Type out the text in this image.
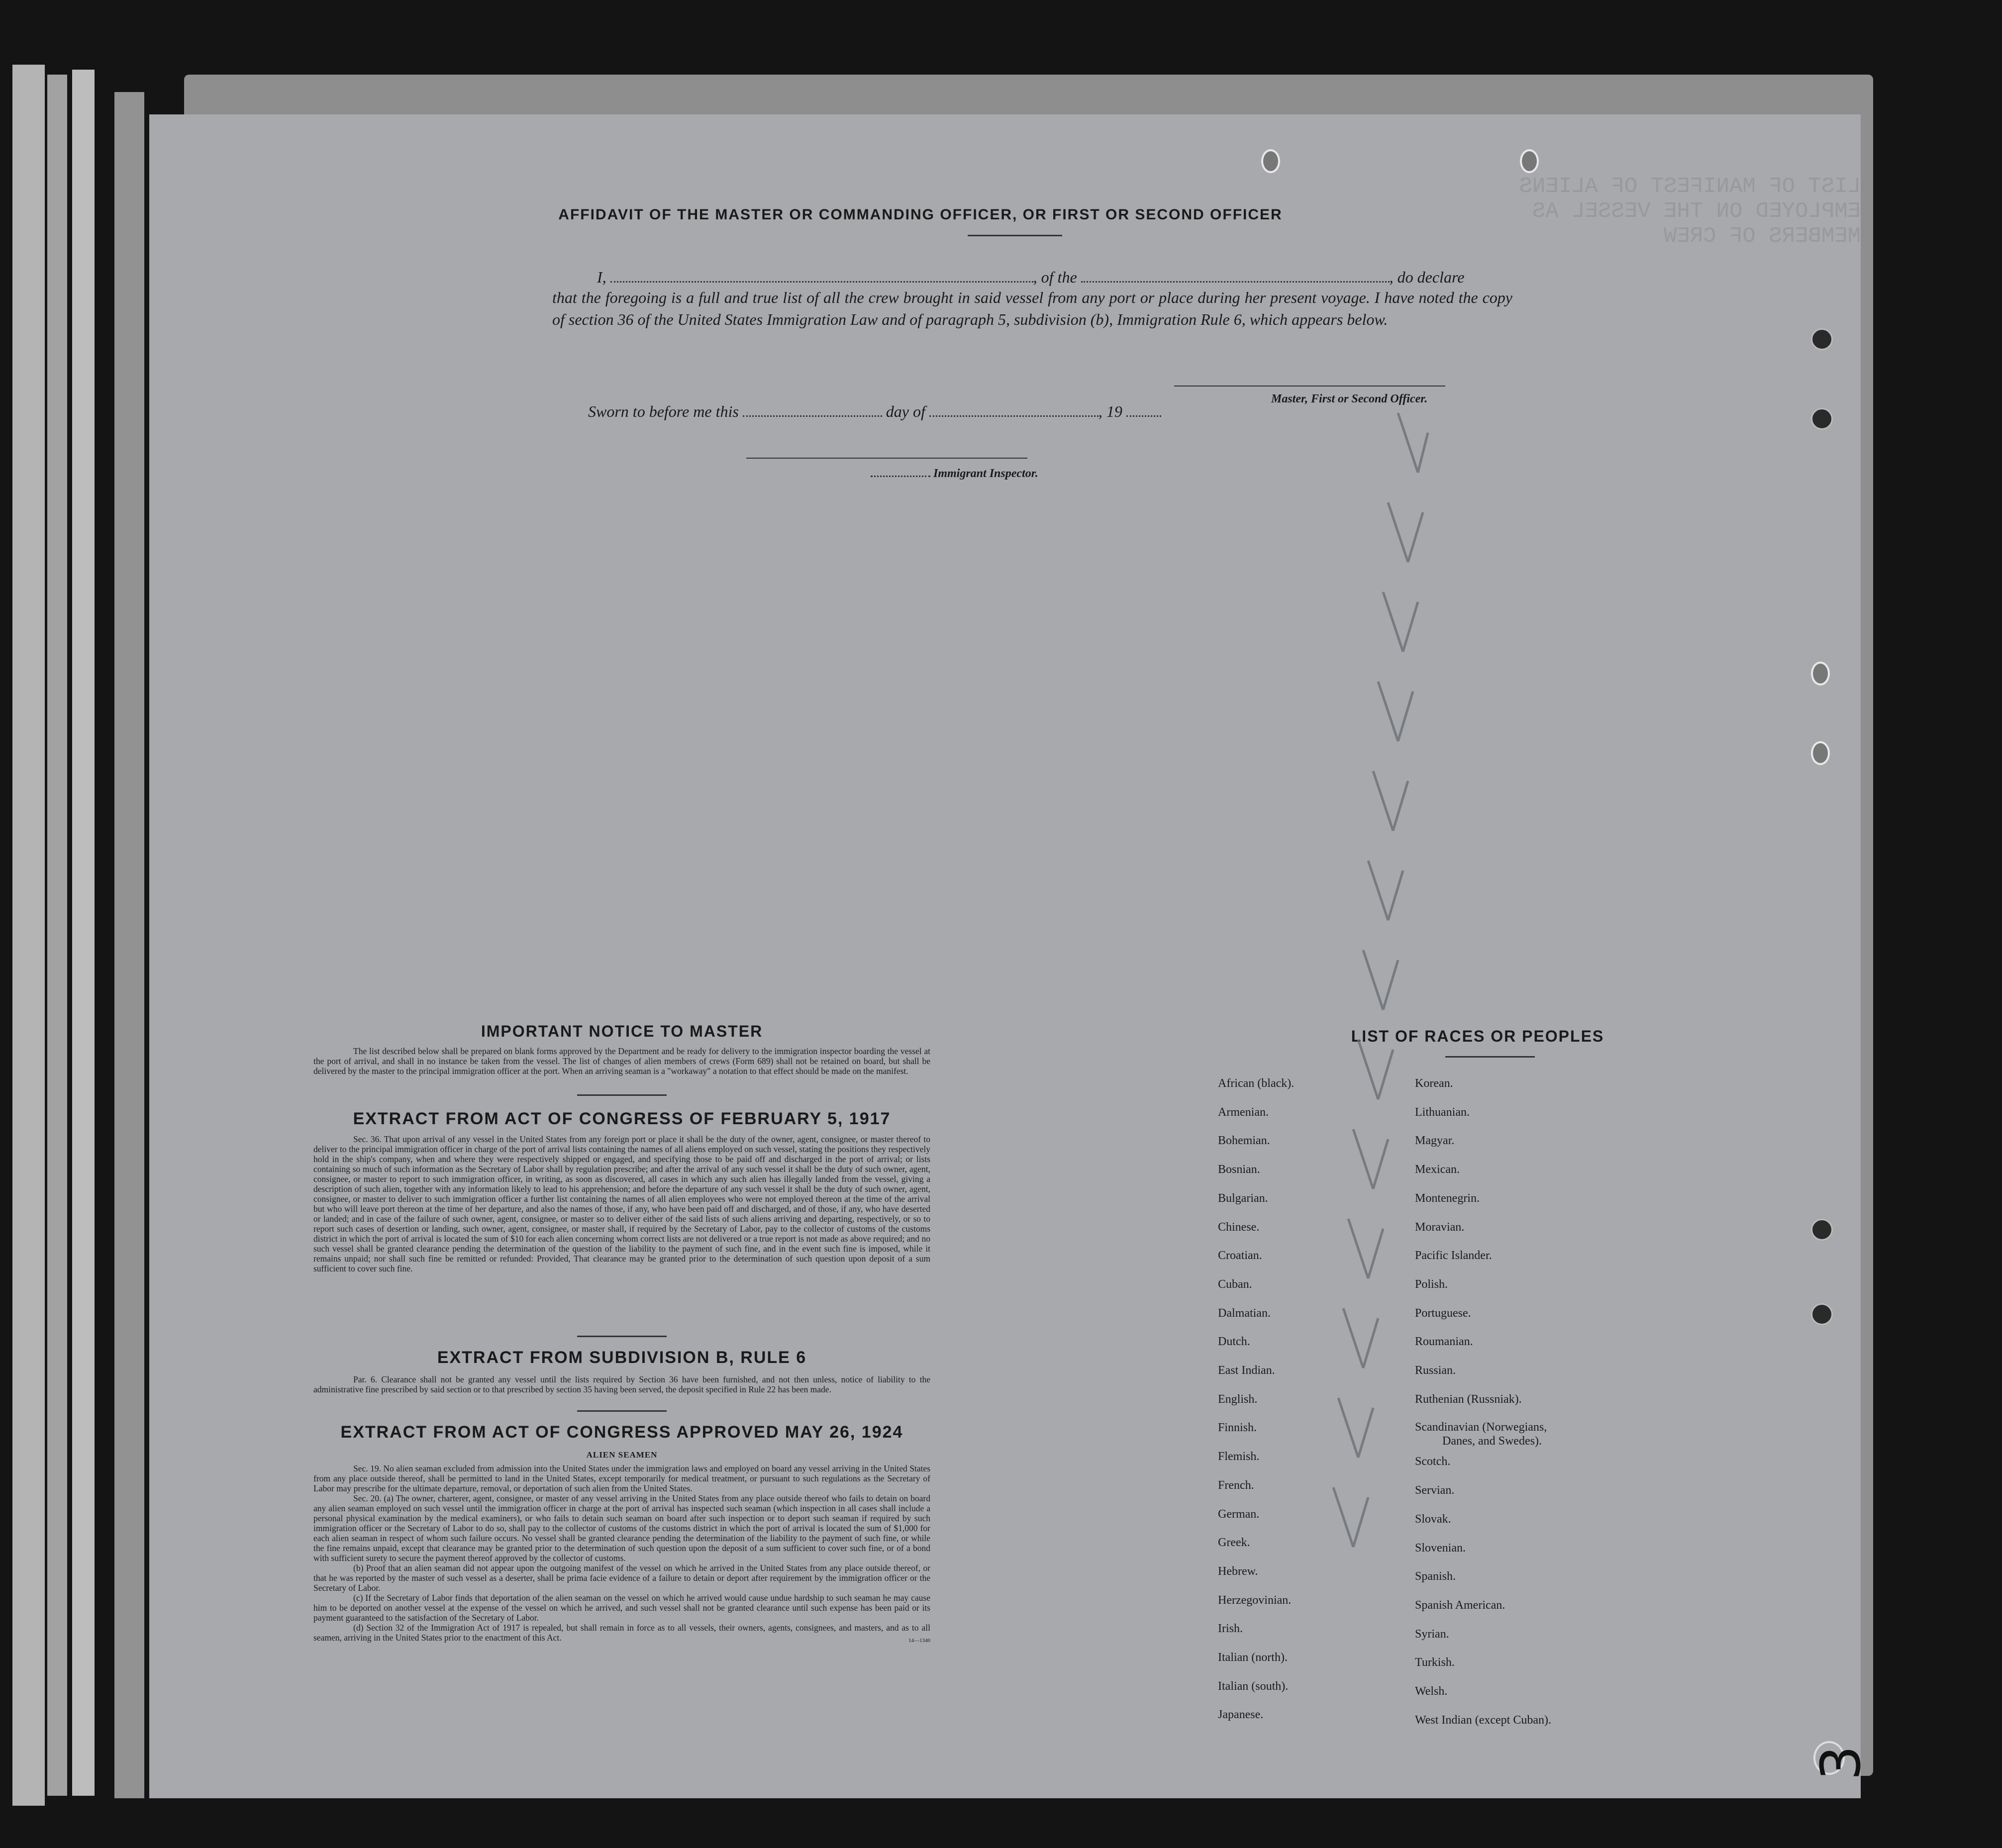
LIST OF MANIFEST OF ALIENS EMPLOYED ON THE VESSEL AS MEMBERS OF CREW
AFFIDAVIT OF THE MASTER OR COMMANDING OFFICER, OR FIRST OR SECOND OFFICER
I,	, of the	, do declare
that the foregoing is a full and true list of all the crew brought in said vessel from any port or place during her present voyage. I have noted the copy of section 36 of the United States Immigration Law and of paragraph 5, subdivision (b), Immigration Rule 6, which appears below.
Master, First or Second Officer.
Sworn to before me this	day of	, 19
Immigrant Inspector.
IMPORTANT NOTICE TO MASTER
The list described below shall be prepared on blank forms approved by the Department and be ready for delivery to the immigration inspector boarding the vessel at the port of arrival, and shall in no instance be taken from the vessel. The list of changes of alien members of crews (Form 689) shall not be retained on board, but shall be delivered by the master to the principal immigration officer at the port. When an arriving seaman is a "workaway" a notation to that effect should be made on the manifest.
EXTRACT FROM ACT OF CONGRESS OF FEBRUARY 5, 1917
Sec. 36. That upon arrival of any vessel in the United States from any foreign port or place it shall be the duty of the owner, agent, consignee, or master thereof to deliver to the principal immigration officer in charge of the port of arrival lists containing the names of all aliens employed on such vessel, stating the positions they respectively hold in the ship's company, when and where they were respectively shipped or engaged, and specifying those to be paid off and discharged in the port of arrival; or lists containing so much of such information as the Secretary of Labor shall by regulation prescribe; and after the arrival of any such vessel it shall be the duty of such owner, agent, consignee, or master to report to such immigration officer, in writing, as soon as discovered, all cases in which any such alien has illegally landed from the vessel, giving a description of such alien, together with any information likely to lead to his apprehension; and before the departure of any such vessel it shall be the duty of such owner, agent, consignee, or master to deliver to such immigration officer a further list containing the names of all alien employees who were not employed thereon at the time of the arrival but who will leave port thereon at the time of her departure, and also the names of those, if any, who have been paid off and discharged, and of those, if any, who have deserted or landed; and in case of the failure of such owner, agent, consignee, or master so to deliver either of the said lists of such aliens arriving and departing, respectively, or so to report such cases of desertion or landing, such owner, agent, consignee, or master shall, if required by the Secretary of Labor, pay to the collector of customs of the customs district in which the port of arrival is located the sum of $10 for each alien concerning whom correct lists are not delivered or a true report is not made as above required; and no such vessel shall be granted clearance pending the determination of the question of the liability to the payment of such fine, and in the event such fine is imposed, while it remains unpaid; nor shall such fine be remitted or refunded: Provided, That clearance may be granted prior to the determination of such question upon deposit of a sum sufficient to cover such fine.
EXTRACT FROM SUBDIVISION B, RULE 6
Par. 6. Clearance shall not be granted any vessel until the lists required by Section 36 have been furnished, and not then unless, notice of liability to the administrative fine prescribed by said section or to that prescribed by section 35 having been served, the deposit specified in Rule 22 has been made.
EXTRACT FROM ACT OF CONGRESS APPROVED MAY 26, 1924
ALIEN SEAMEN
Sec. 19. No alien seaman excluded from admission into the United States under the immigration laws and employed on board any vessel arriving in the United States from any place outside thereof, shall be permitted to land in the United States, except temporarily for medical treatment, or pursuant to such regulations as the Secretary of Labor may prescribe for the ultimate departure, removal, or deportation of such alien from the United States.
Sec. 20. (a) The owner, charterer, agent, consignee, or master of any vessel arriving in the United States from any place outside thereof who fails to detain on board any alien seaman employed on such vessel until the immigration officer in charge at the port of arrival has inspected such seaman (which inspection in all cases shall include a personal physical examination by the medical examiners), or who fails to detain such seaman on board after such inspection or to deport such seaman if required by such immigration officer or the Secretary of Labor to do so, shall pay to the collector of customs of the customs district in which the port of arrival is located the sum of $1,000 for each alien seaman in respect of whom such failure occurs. No vessel shall be granted clearance pending the determination of the liability to the payment of such fine, or while the fine remains unpaid, except that clearance may be granted prior to the determination of such question upon the deposit of a sum sufficient to cover such fine, or of a bond with sufficient surety to secure the payment thereof approved by the collector of customs.
(b) Proof that an alien seaman did not appear upon the outgoing manifest of the vessel on which he arrived in the United States from any place outside thereof, or that he was reported by the master of such vessel as a deserter, shall be prima facie evidence of a failure to detain or deport after requirement by the immigration officer or the Secretary of Labor.
(c) If the Secretary of Labor finds that deportation of the alien seaman on the vessel on which he arrived would cause undue hardship to such seaman he may cause him to be deported on another vessel at the expense of the vessel on which he arrived, and such vessel shall not be granted clearance until such expense has been paid or its payment guaranteed to the satisfaction of the Secretary of Labor.
(d) Section 32 of the Immigration Act of 1917 is repealed, but shall remain in force as to all vessels, their owners, agents, consignees, and masters, and as to all seamen, arriving in the United States prior to the enactment of this Act.	14—1340
LIST OF RACES OR PEOPLES
African (black).
Armenian.
Bohemian.
Bosnian.
Bulgarian.
Chinese.
Croatian.
Cuban.
Dalmatian.
Dutch.
East Indian.
English.
Finnish.
Flemish.
French.
German.
Greek.
Hebrew.
Herzegovinian.
Irish.
Italian (north).
Italian (south).
Japanese.
Korean.
Lithuanian.
Magyar.
Mexican.
Montenegrin.
Moravian.
Pacific Islander.
Polish.
Portuguese.
Roumanian.
Russian.
Ruthenian (Russniak).
Scandinavian (Norwegians,
Danes, and Swedes).
Scotch.
Servian.
Slovak.
Slovenian.
Spanish.
Spanish American.
Syrian.
Turkish.
Welsh.
West Indian (except Cuban).
3
